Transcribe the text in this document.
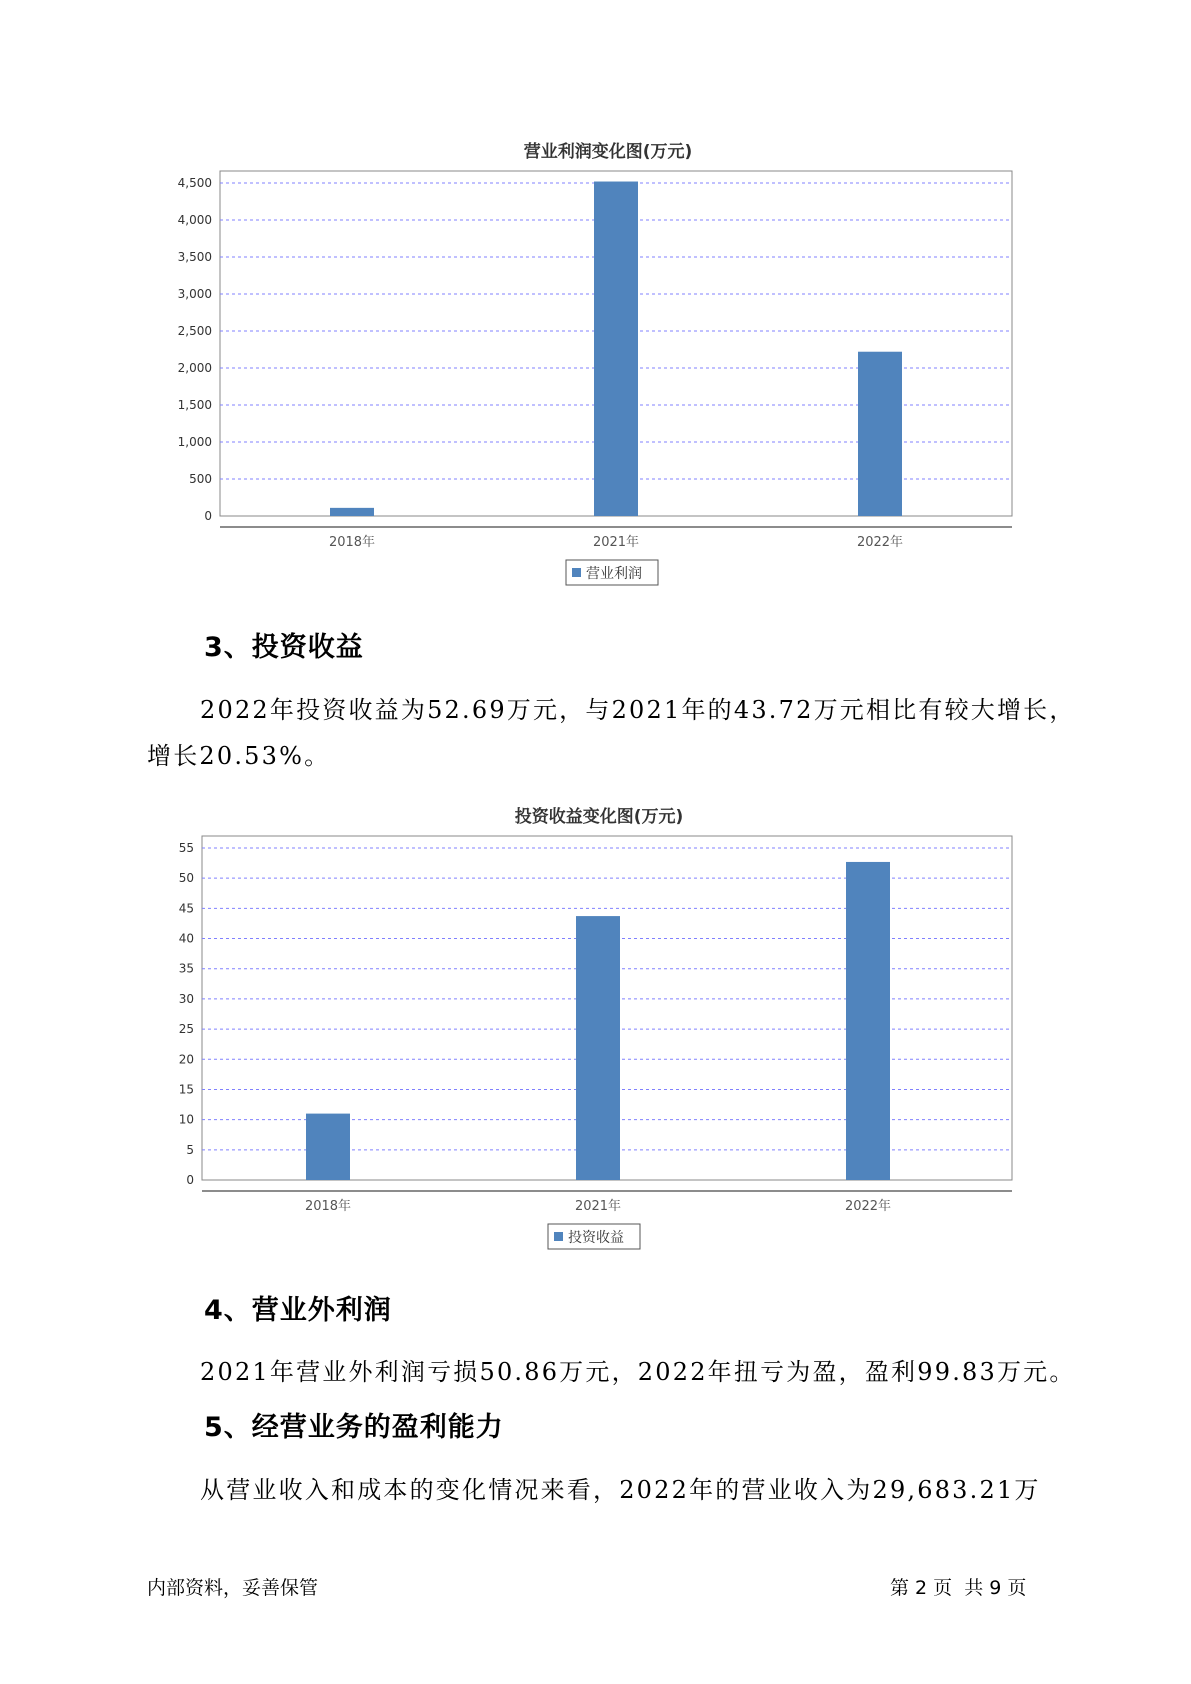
营业利润变化图(万元)
0
500
1,000
1,500
2,000
2,500
3,000
3,500
4,000
4,500
2018年	2021年	2022年
营业利润
3、投资收益
2022年投资收益为52.69万元，与2021年的43.72万元相比有较大增长，
增长20.53%。
投资收益变化图(万元)
0
5
10
15
20
25
30
35
40
45
50
55
2018年	2021年	2022年
投资收益
4、营业外利润
2021年营业外利润亏损50.86万元，2022年扭亏为盈，盈利99.83万元。
5、经营业务的盈利能力
从营业收入和成本的变化情况来看，2022年的营业收入为29,683.21万
内部资料，妥善保管	第 2 页  共 9 页
